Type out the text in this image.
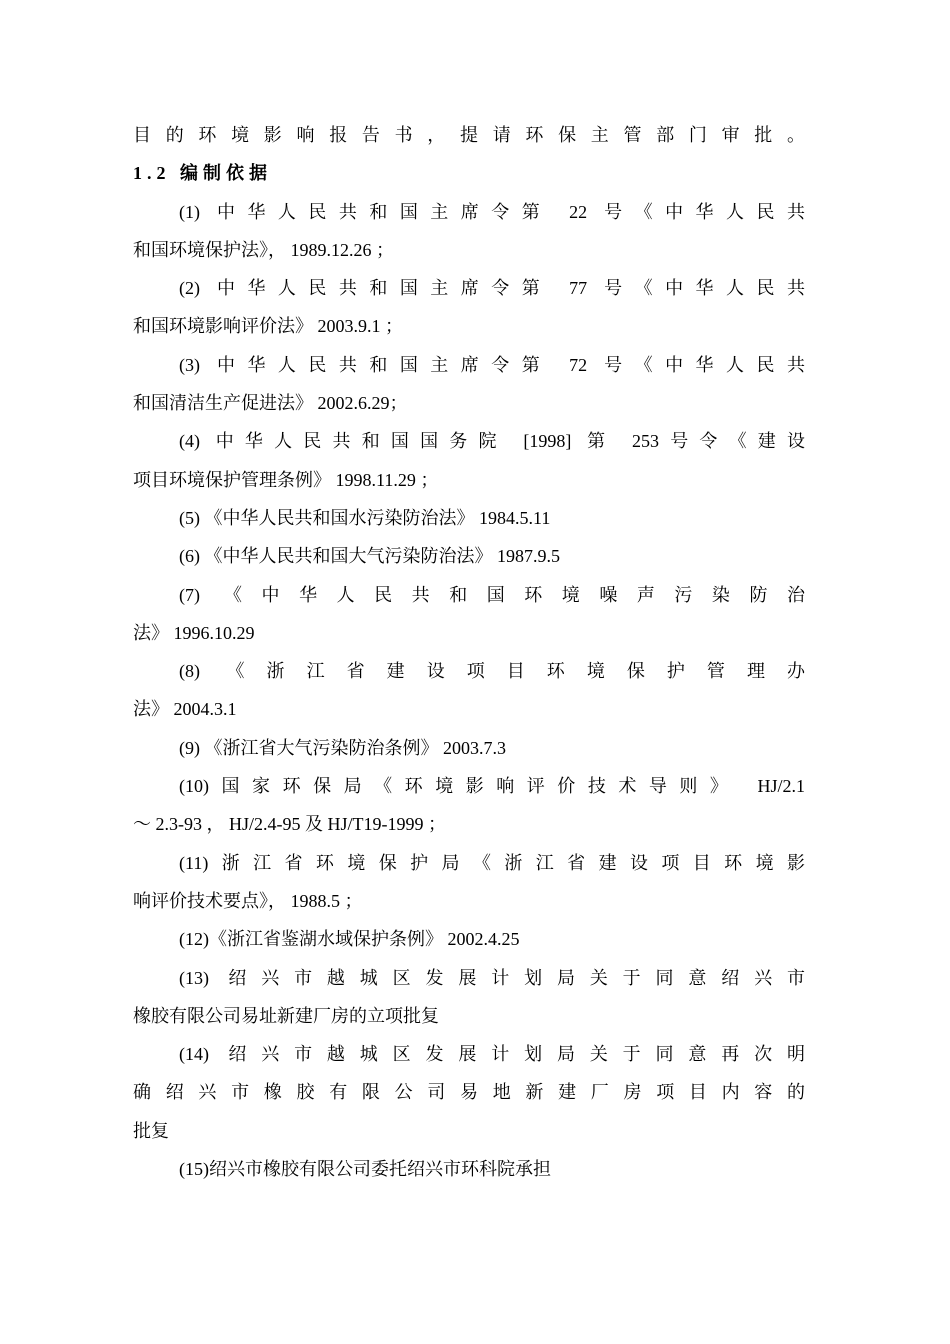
目的环境影响报告书，提请环保主管部门审批。
1.2 编制依据
(1) 中华人民共和国主席令第 22 号《中华人民共
和国环境保护法》， 1989.12.26 ；
(2) 中华人民共和国主席令第 77 号《中华人民共
和国环境影响评价法》 2003.9.1 ；
(3) 中华人民共和国主席令第 72 号《中华人民共
和国清洁生产促进法》 2002.6.29；
(4) 中华人民共和国国务院 [1998] 第 253号令《建设
项目环境保护管理条例》 1998.11.29 ；
(5) 《中华人民共和国水污染防治法》 1984.5.11
(6) 《中华人民共和国大气污染防治法》 1987.9.5
(7) 《中华人民共和国环境噪声污染防治
法》 1996.10.29
(8) 《浙江省建设项目环境保护管理办
法》 2004.3.1
(9) 《浙江省大气污染防治条例》 2003.7.3
(10)国家环保局《环境影响评价技术导则》 HJ/2.1
～ 2.3-93 ， HJ/2.4-95 及 HJ/T19-1999 ；
(11)浙江省环境保护局《浙江省建设项目环境影
响评价技术要点》， 1988.5 ；
(12)《浙江省鉴湖水域保护条例》 2002.4.25
(13) 绍兴市越城区发展计划局关于同意绍兴市
橡胶有限公司易址新建厂房的立项批复
(14) 绍兴市越城区发展计划局关于同意再次明
确绍兴市橡胶有限公司易地新建厂房项目内容的
批复
(15)绍兴市橡胶有限公司委托绍兴市环科院承担
